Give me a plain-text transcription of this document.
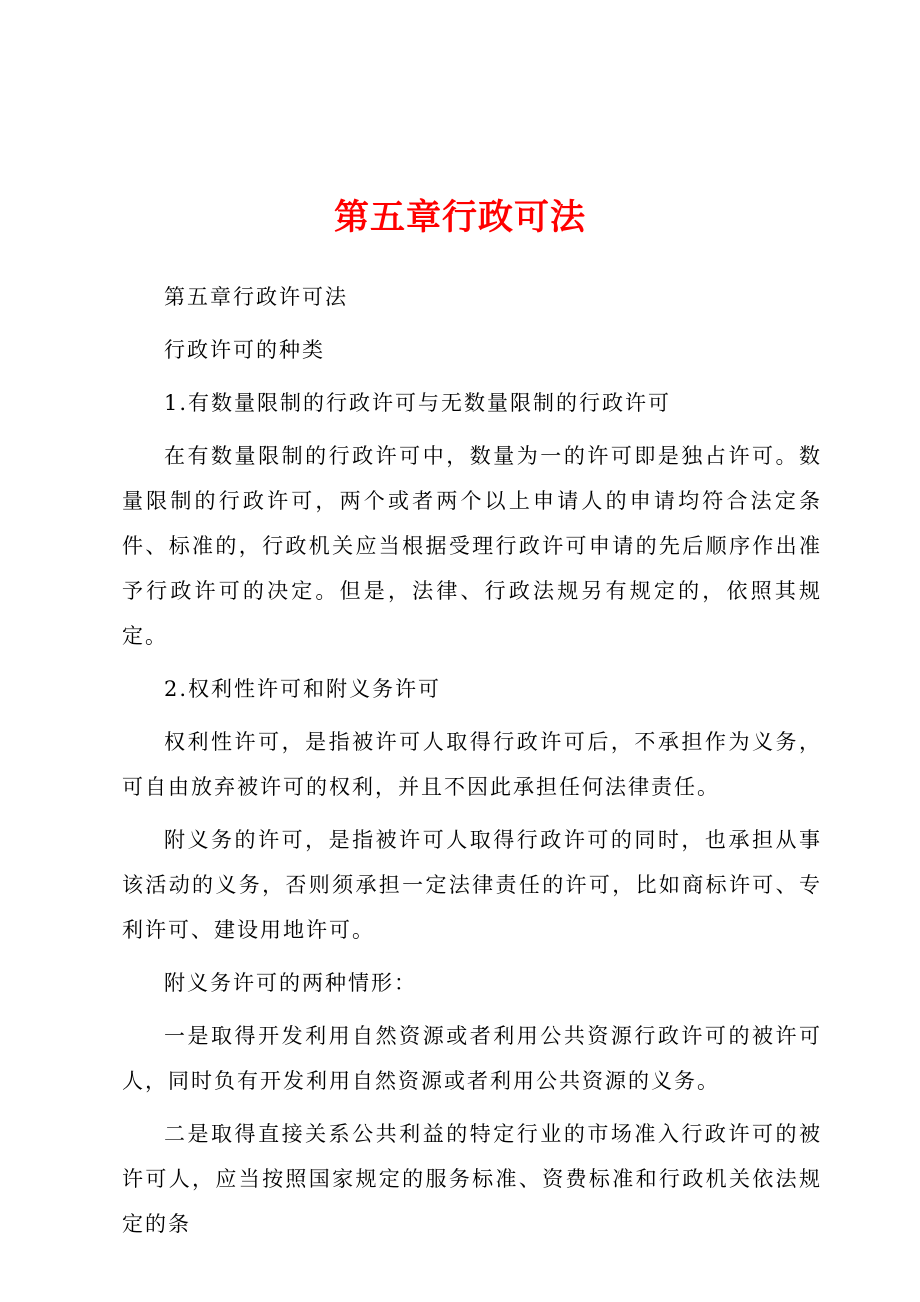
第五章行政可法

第五章行政许可法

行政许可的种类

1.有数量限制的行政许可与无数量限制的行政许可

在有数量限制的行政许可中，数量为一的许可即是独占许可。数量限制的行政许可，两个或者两个以上申请人的申请均符合法定条件、标准的，行政机关应当根据受理行政许可申请的先后顺序作出准予行政许可的决定。但是，法律、行政法规另有规定的，依照其规定。

2.权利性许可和附义务许可

权利性许可，是指被许可人取得行政许可后，不承担作为义务，可自由放弃被许可的权利，并且不因此承担任何法律责任。

附义务的许可，是指被许可人取得行政许可的同时，也承担从事该活动的义务，否则须承担一定法律责任的许可，比如商标许可、专利许可、建设用地许可。

附义务许可的两种情形：

一是取得开发利用自然资源或者利用公共资源行政许可的被许可人，同时负有开发利用自然资源或者利用公共资源的义务。

二是取得直接关系公共利益的特定行业的市场准入行政许可的被许可人，应当按照国家规定的服务标准、资费标准和行政机关依法规定的条
